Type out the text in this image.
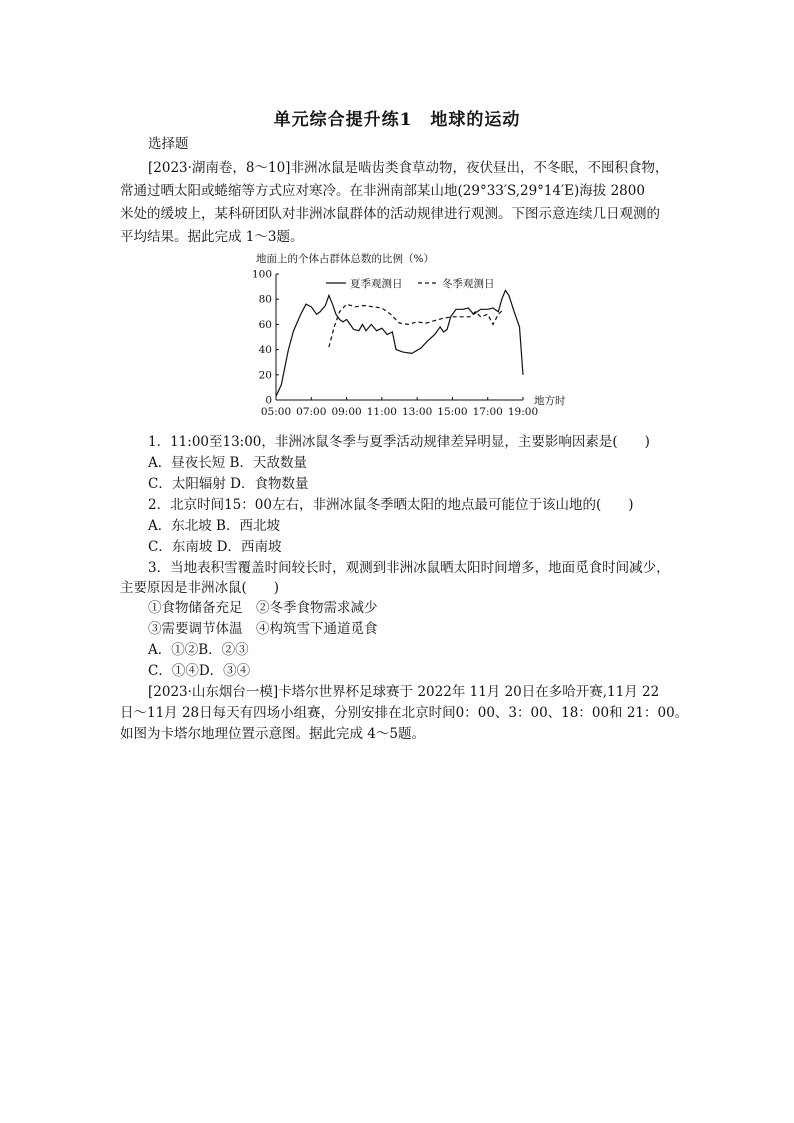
单元综合提升练1　地球的运动
选择题
[2023·湖南卷，8～10]非洲冰鼠是啮齿类食草动物，夜伏昼出，不冬眠，不囤积食物，
常通过晒太阳或蜷缩等方式应对寒冷。在非洲南部某山地(29°33′S,29°14′E)海拔 2800
米处的缓坡上，某科研团队对非洲冰鼠群体的活动规律进行观测。下图示意连续几日观测的
平均结果。据此完成 1～3题。
地面上的个体占群体总数的比例（%）
0
20
40
60
80
100
05:00 07:00 09:00 11:00 13:00 15:00 17:00 19:00
地方时
夏季观测日	冬季观测日
1．11:00至13:00，非洲冰鼠冬季与夏季活动规律差异明显，主要影响因素是(　　)
A．昼夜长短 B．天敌数量
C．太阳辐射 D．食物数量
2．北京时间15：00左右，非洲冰鼠冬季晒太阳的地点最可能位于该山地的(　　)
A．东北坡 B．西北坡
C．东南坡 D．西南坡
3．当地表积雪覆盖时间较长时，观测到非洲冰鼠晒太阳时间增多，地面觅食时间减少，
主要原因是非洲冰鼠(　　)
①食物储备充足　②冬季食物需求减少
③需要调节体温　④构筑雪下通道觅食
A．①②B．②③
C．①④D．③④
[2023·山东烟台一模]卡塔尔世界杯足球赛于 2022年 11月 20日在多哈开赛,11月 22
日～11月 28日每天有四场小组赛，分别安排在北京时间0：00、3：00、18：00和 21：00。
如图为卡塔尔地理位置示意图。据此完成 4～5题。
